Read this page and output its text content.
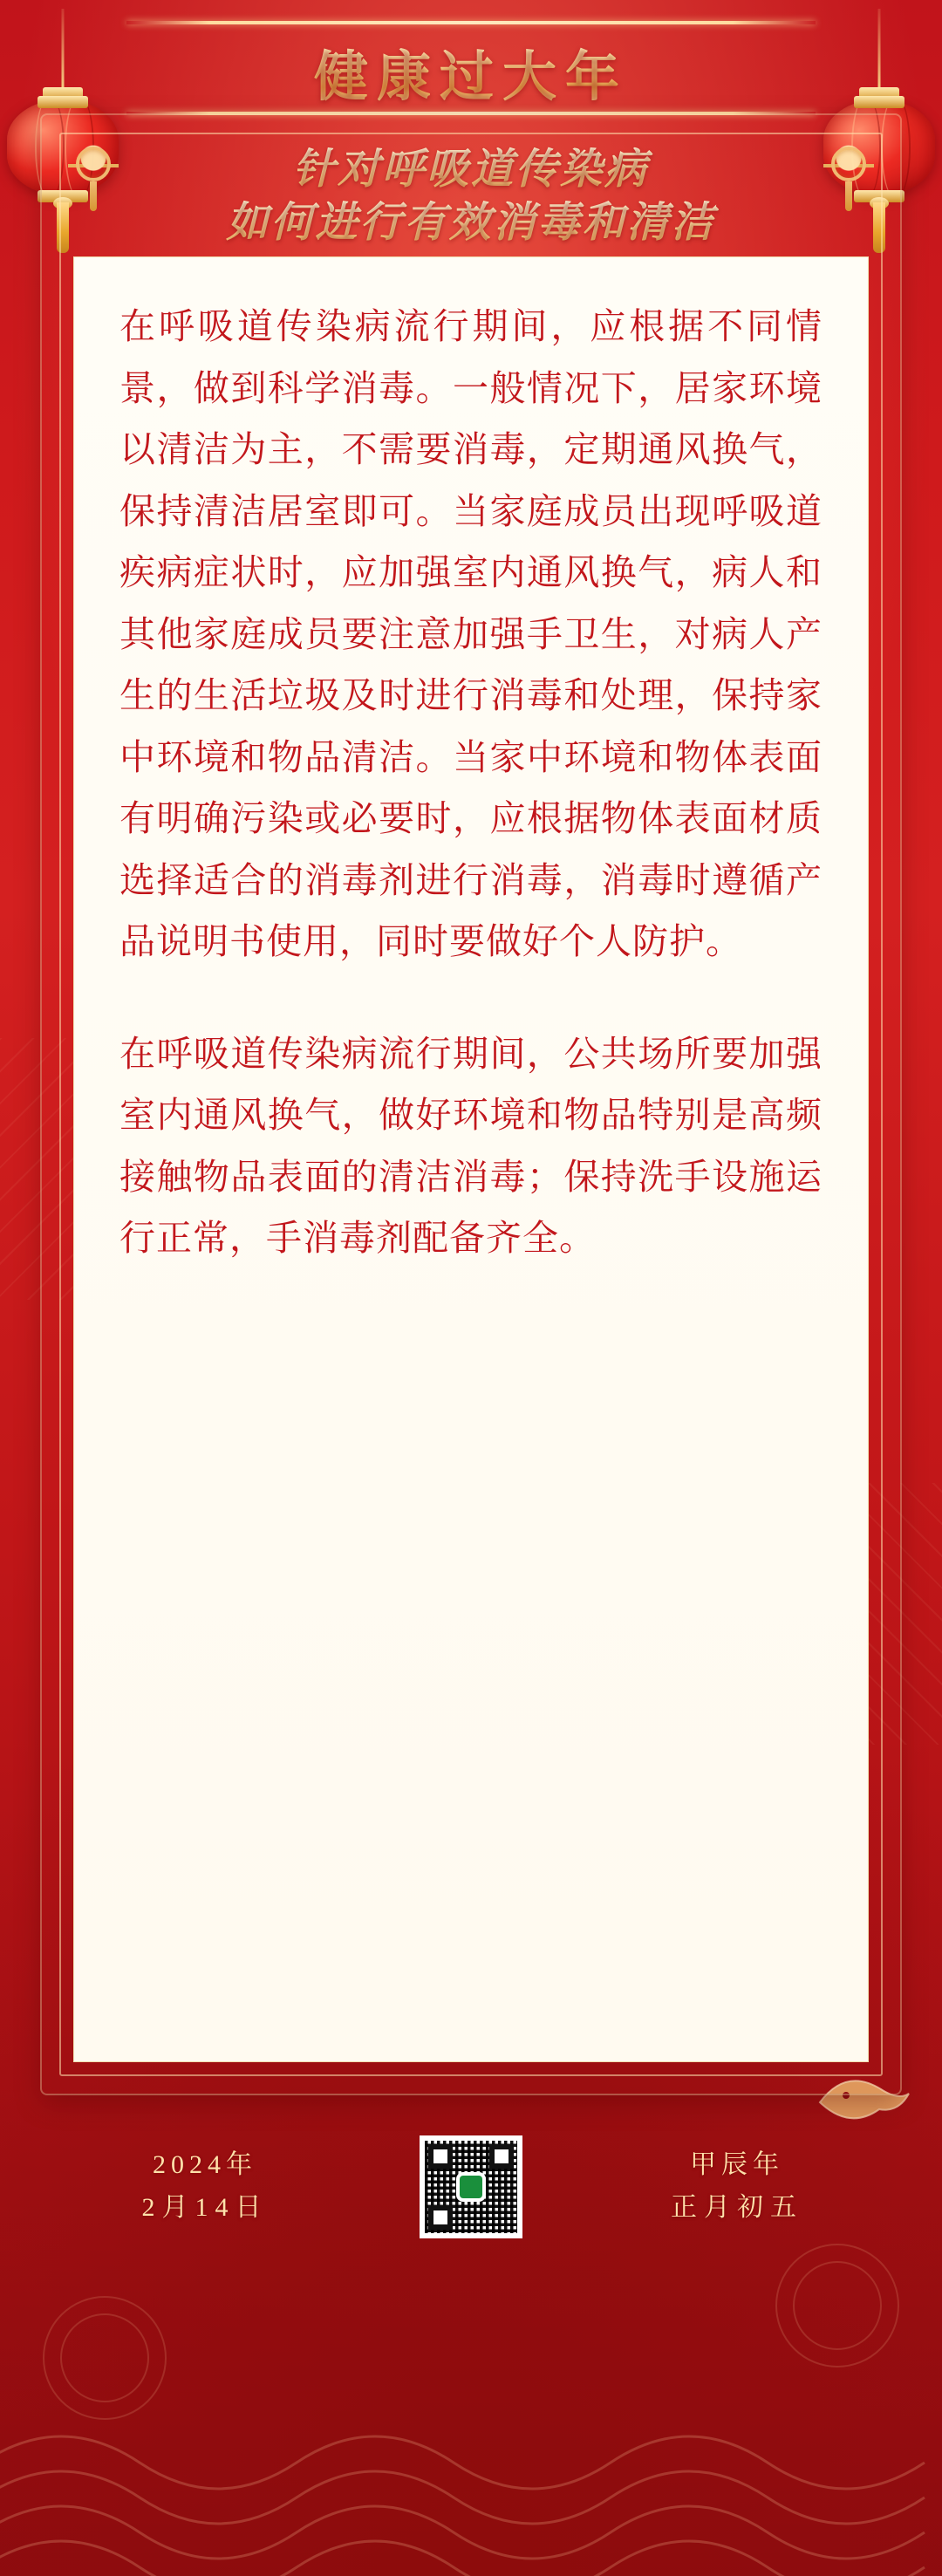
健康过大年
针对呼吸道传染病
如何进行有效消毒和清洁

在呼吸道传染病流行期间，应根据不同情景，做到科学消毒。一般情况下，居家环境以清洁为主，不需要消毒，定期通风换气，保持清洁居室即可。当家庭成员出现呼吸道疾病症状时，应加强室内通风换气，病人和其他家庭成员要注意加强手卫生，对病人产生的生活垃圾及时进行消毒和处理，保持家中环境和物品清洁。当家中环境和物体表面有明确污染或必要时，应根据物体表面材质选择适合的消毒剂进行消毒，消毒时遵循产品说明书使用，同时要做好个人防护。

在呼吸道传染病流行期间，公共场所要加强室内通风换气，做好环境和物品特别是高频接触物品表面的清洁消毒；保持洗手设施运行正常，手消毒剂配备齐全。

2024年
2月14日
甲辰年
正月初五
